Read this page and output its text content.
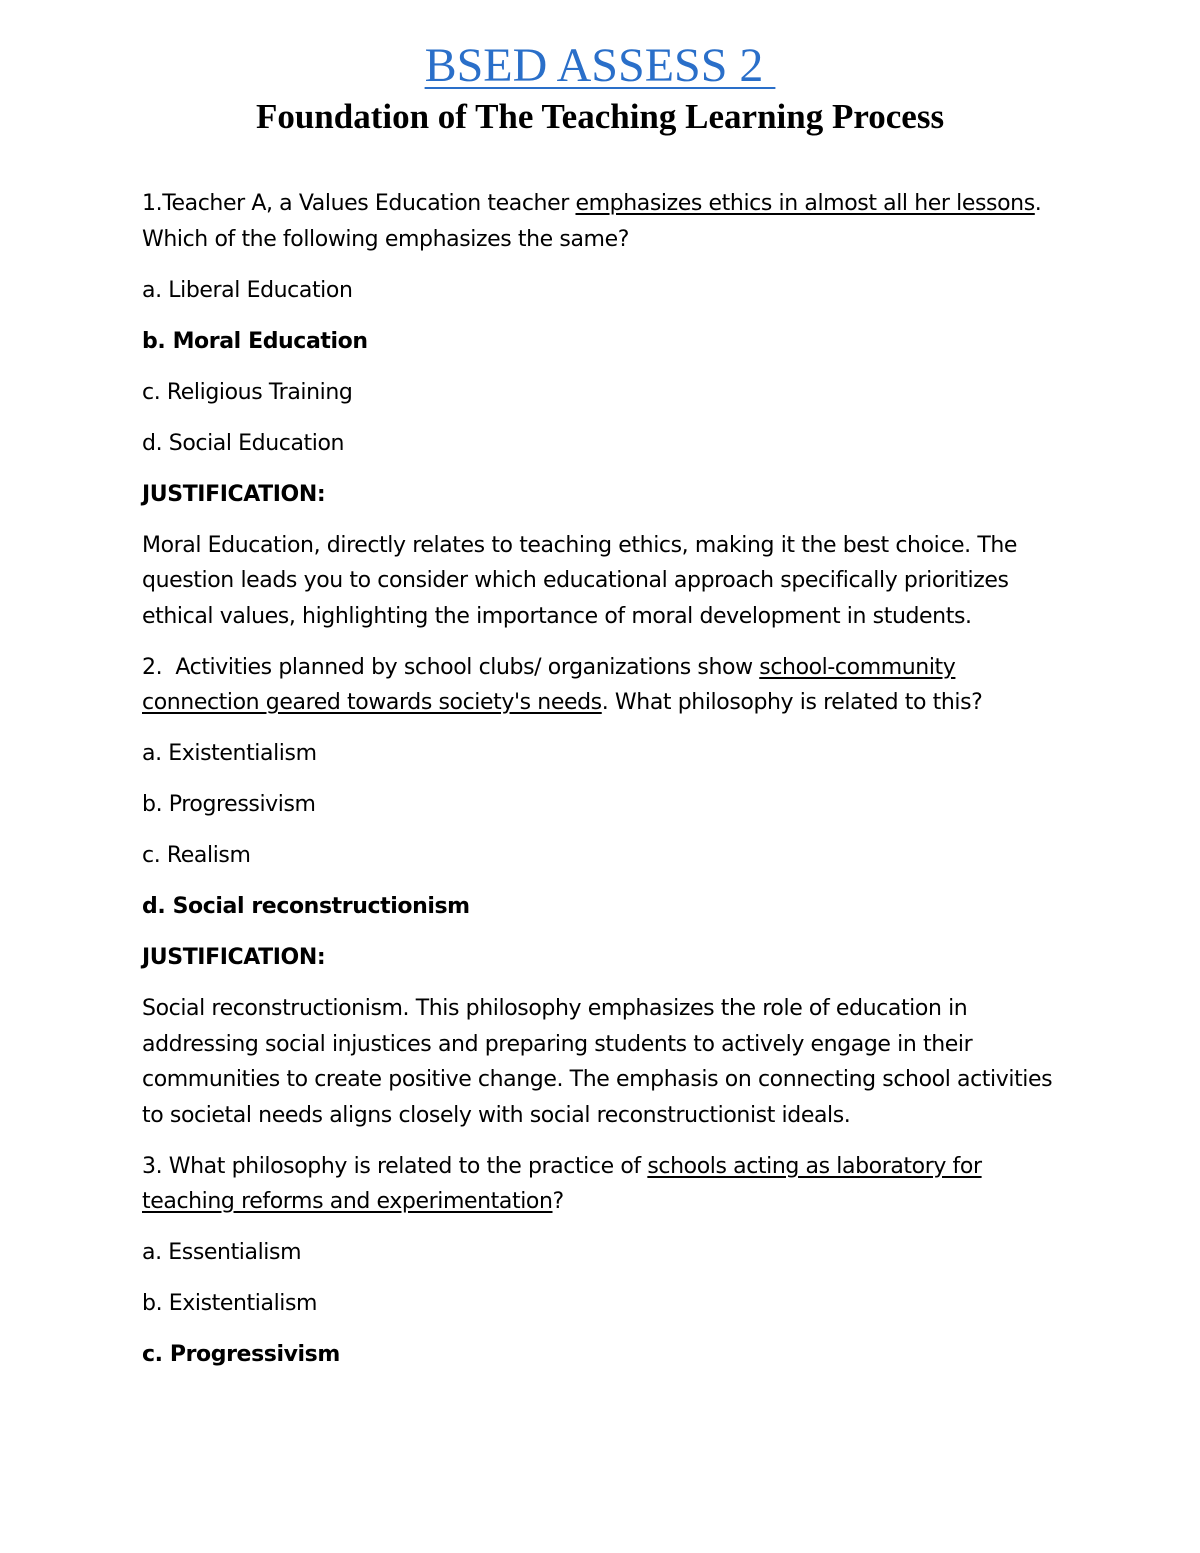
BSED ASSESS 2
Foundation of The Teaching Learning Process

1.Teacher A, a Values Education teacher emphasizes ethics in almost all her lessons. Which of the following emphasizes the same?

a. Liberal Education

b. Moral Education

c. Religious Training

d. Social Education

JUSTIFICATION:

Moral Education, directly relates to teaching ethics, making it the best choice. The question leads you to consider which educational approach specifically prioritizes ethical values, highlighting the importance of moral development in students.

2.  Activities planned by school clubs/ organizations show school-community connection geared towards society's needs. What philosophy is related to this?

a. Existentialism

b. Progressivism

c. Realism

d. Social reconstructionism

JUSTIFICATION:

Social reconstructionism. This philosophy emphasizes the role of education in addressing social injustices and preparing students to actively engage in their communities to create positive change. The emphasis on connecting school activities to societal needs aligns closely with social reconstructionist ideals.

3. What philosophy is related to the practice of schools acting as laboratory for teaching reforms and experimentation?

a. Essentialism

b. Existentialism

c. Progressivism
